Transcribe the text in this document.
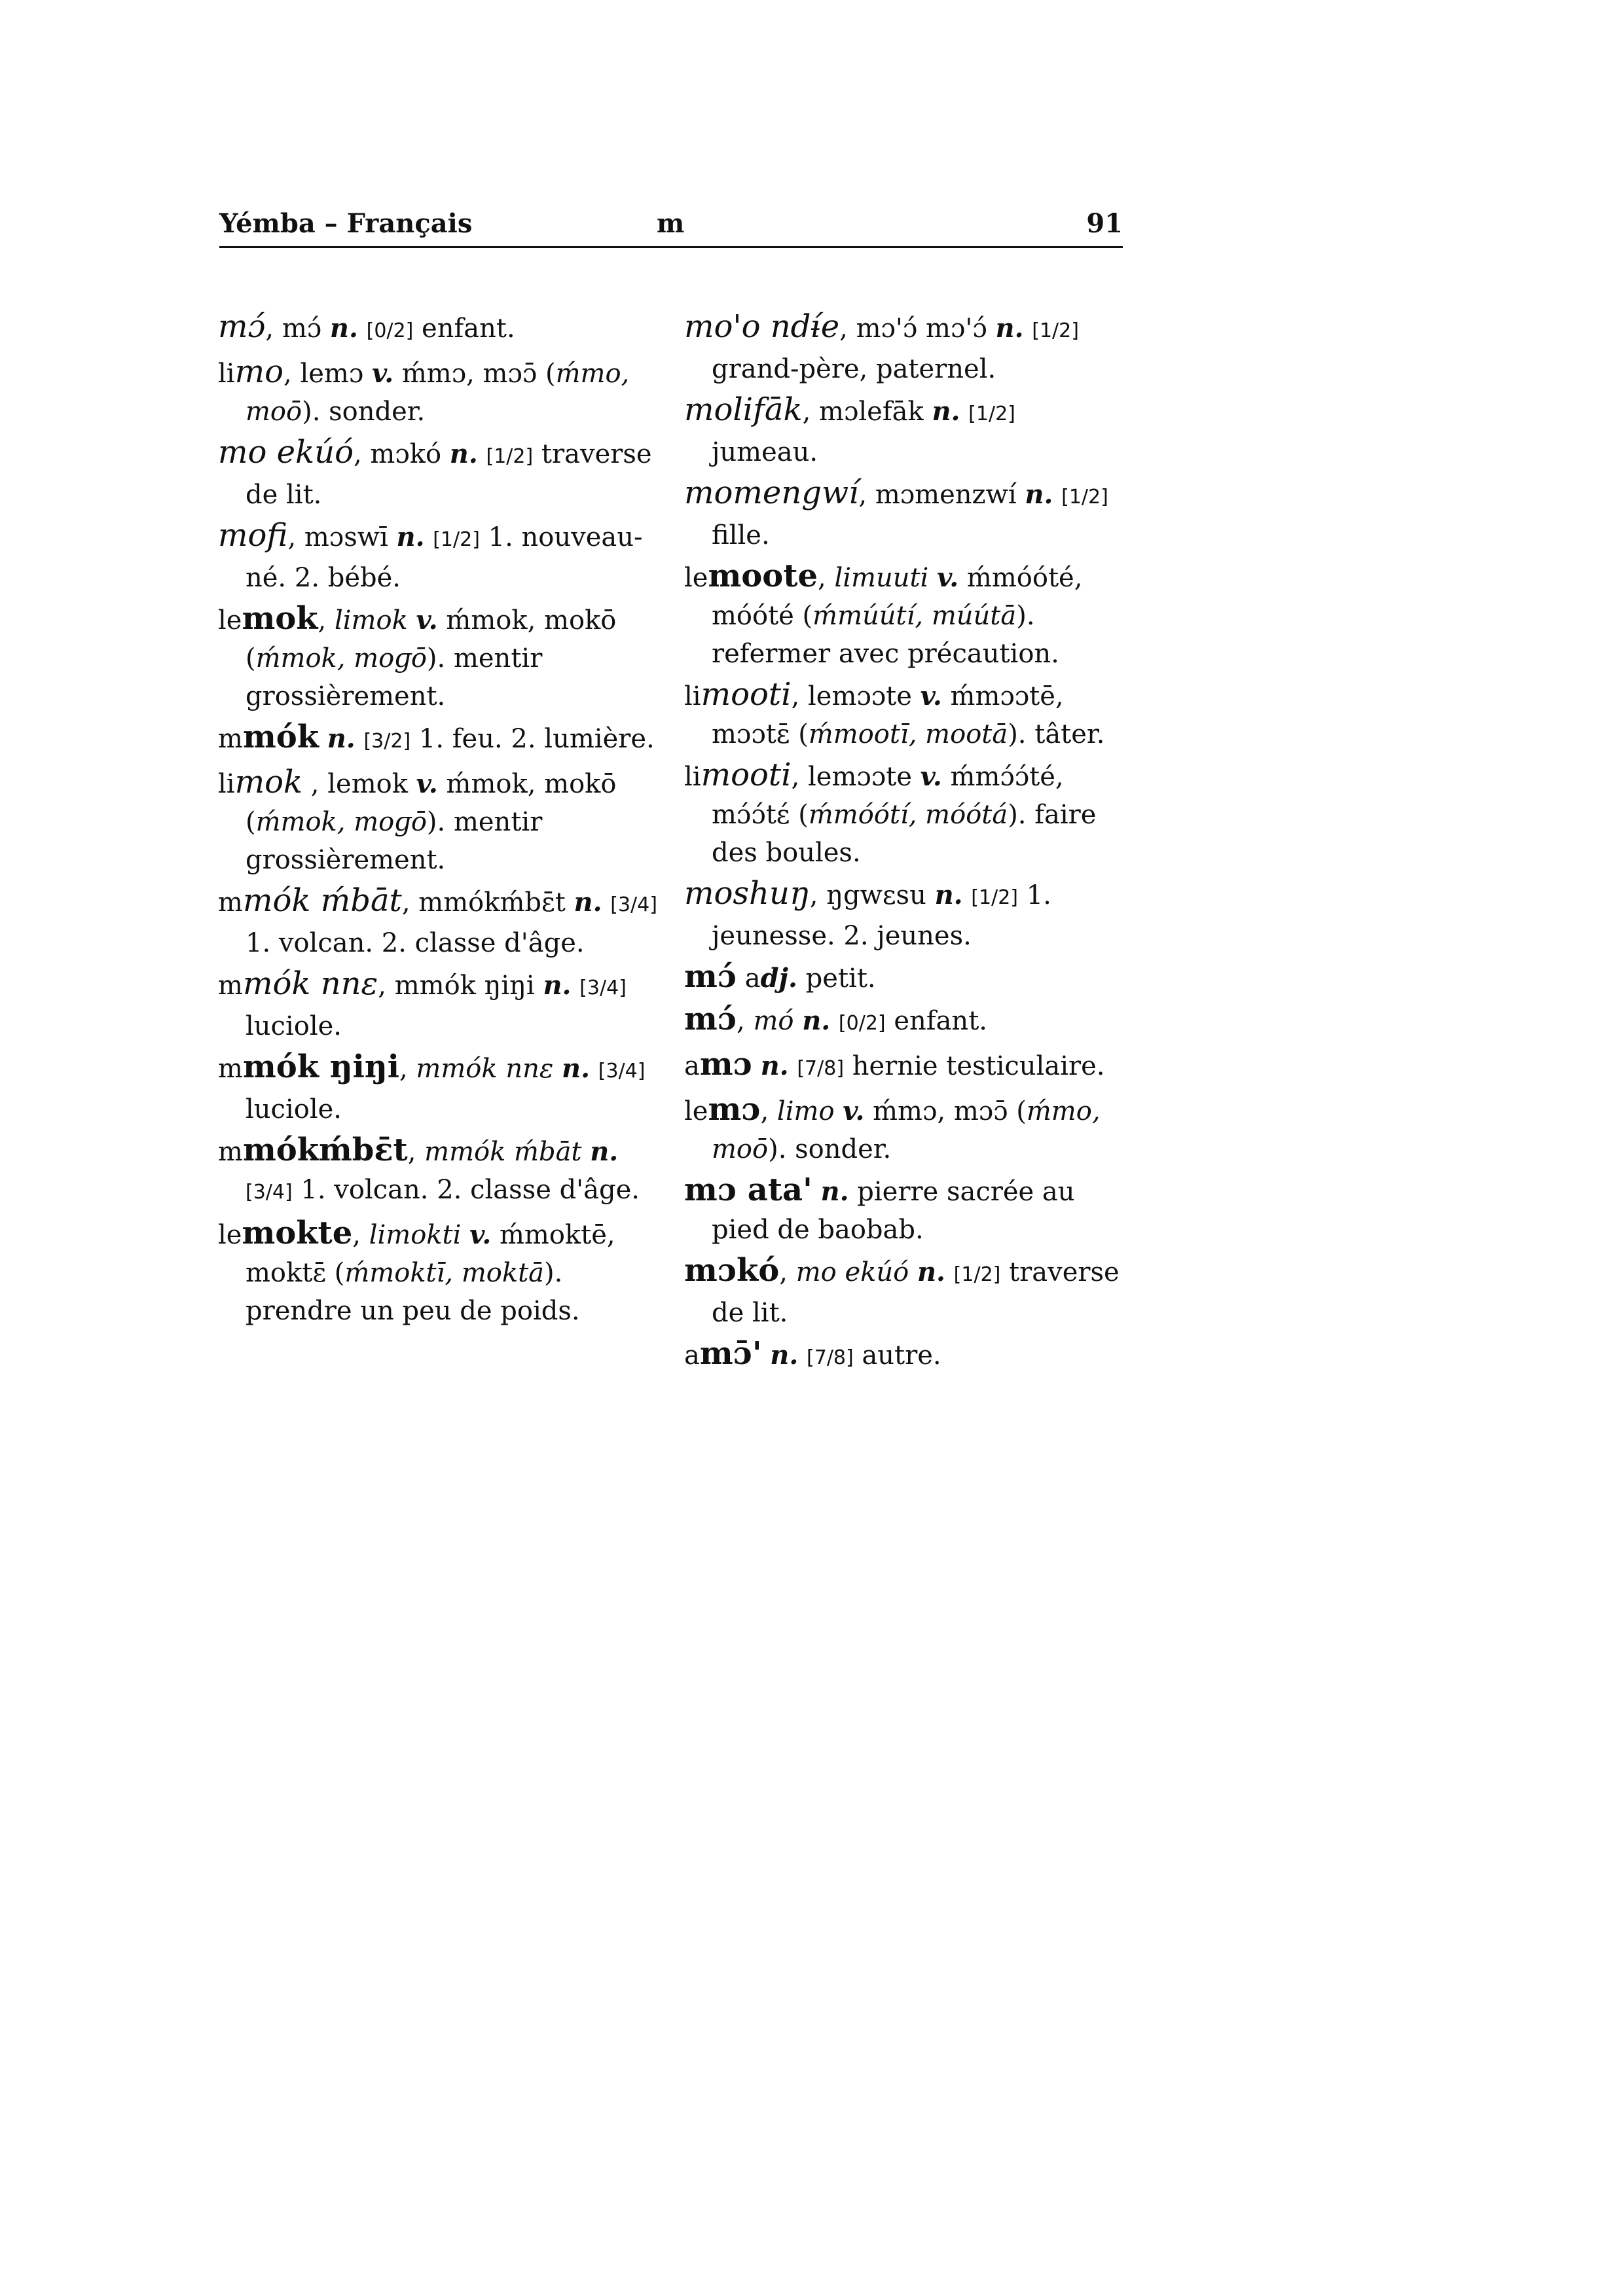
Yémba – Français	m	91
mɔ́, mɔ́ n. [0/2] enfant.
limo, lemɔ v. ḿmɔ, mɔɔ̄ (ḿmo, moō). sonder.
mo ekúó, mɔkó n. [1/2] traverse de lit.
mofi, mɔswī n. [1/2] 1. nouveau-né. 2. bébé.
lemok, limok v. ḿmok, mokō (ḿmok, moɡō). mentir grossièrement.
mmók n. [3/2] 1. feu. 2. lumière.
limok , lemok v. ḿmok, mokō (ḿmok, moɡō). mentir grossièrement.
mmók ḿbāt, mmókḿbɛ̄t n. [3/4] 1. volcan. 2. classe d'âge.
mmók nnɛ, mmók ŋiŋi n. [3/4] luciole.
mmók ŋiŋi, mmók nnɛ n. [3/4] luciole.
mmókḿbɛ̄t, mmók ḿbāt n. [3/4] 1. volcan. 2. classe d'âge.
lemokte, limokti v. ḿmoktē, moktɛ̄ (ḿmoktī, moktā). prendre un peu de poids.
mo'o ndɨ́e, mɔ'ɔ́ mɔ'ɔ́ n. [1/2] grand-père, paternel.
molifāk, mɔlefāk n. [1/2] jumeau.
momengwí, mɔmenzwí n. [1/2] fille.
lemoote, limuuti v. ḿmóóté, móóté (ḿmúútí, múútā). refermer avec précaution.
limooti, lemɔɔte v. ḿmɔɔtē, mɔɔtɛ̄ (ḿmootī, mootā). tâter.
limooti, lemɔɔte v. ḿmɔ́ɔ́té, mɔ́ɔ́tɛ́ (ḿmóótí, móótá). faire des boules.
moshuŋ, ŋgwɛsu n. [1/2] 1. jeunesse. 2. jeunes.
mɔ́ adj. petit.
mɔ́, mó n. [0/2] enfant.
amɔ n. [7/8] hernie testiculaire.
lemɔ, limo v. ḿmɔ, mɔɔ̄ (ḿmo, moō). sonder.
mɔ ata' n. pierre sacrée au pied de baobab.
mɔkó, mo ekúó n. [1/2] traverse de lit.
amɔ̄' n. [7/8] autre.
